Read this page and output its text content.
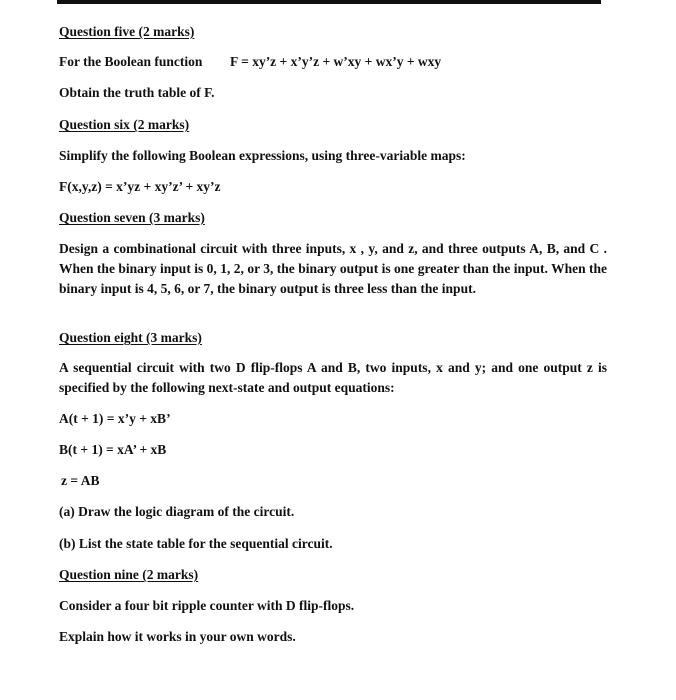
Question five (2 marks)
For the Boolean function F = xy’z + x’y’z + w’xy + wx’y + wxy
Obtain the truth table of F.
Question six (2 marks)
Simplify the following Boolean expressions, using three-variable maps:
F(x,y,z) = x’yz + xy’z’ + xy’z
Question seven (3 marks)
Design a combinational circuit with three inputs, x , y, and z, and three outputs A, B, and C . When the binary input is 0, 1, 2, or 3, the binary output is one greater than the input. When the binary input is 4, 5, 6, or 7, the binary output is three less than the input.
Question eight (3 marks)
A sequential circuit with two D flip-flops A and B, two inputs, x and y; and one output z is specified by the following next-state and output equations:
A(t + 1) = x’y + xB’
B(t + 1) = xA’ + xB
z = AB
(a) Draw the logic diagram of the circuit.
(b) List the state table for the sequential circuit.
Question nine (2 marks)
Consider a four bit ripple counter with D flip-flops.
Explain how it works in your own words.
